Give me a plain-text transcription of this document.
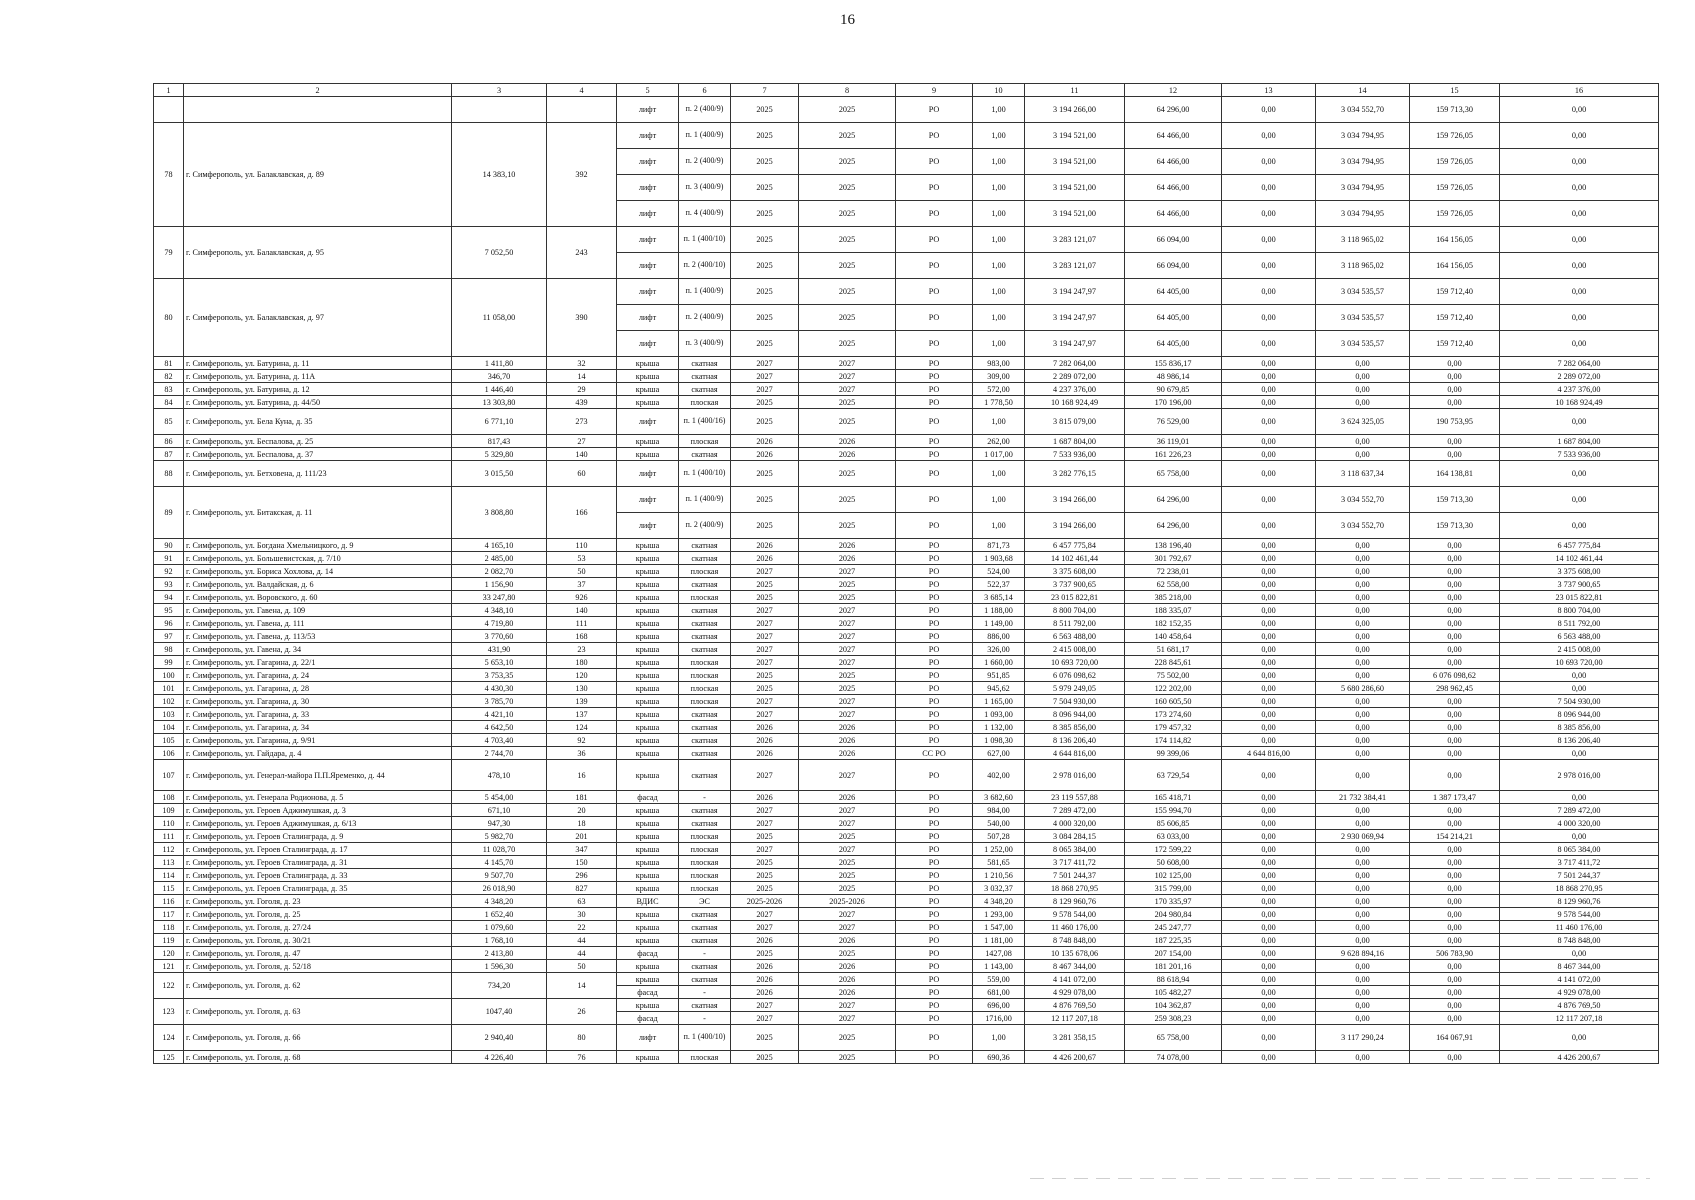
16
1	2	3	4	5	6	7	8	9	10	11	12	13	14	15	16
				лифт	п. 2 (400/9)	2025	2025	РО	1,00	3 194 266,00	64 296,00	0,00	3 034 552,70	159 713,30	0,00
78	г. Симферополь, ул. Балаклавская, д. 89	14 383,10	392	лифт	п. 1 (400/9)	2025	2025	РО	1,00	3 194 521,00	64 466,00	0,00	3 034 794,95	159 726,05	0,00
				лифт	п. 2 (400/9)	2025	2025	РО	1,00	3 194 521,00	64 466,00	0,00	3 034 794,95	159 726,05	0,00
				лифт	п. 3 (400/9)	2025	2025	РО	1,00	3 194 521,00	64 466,00	0,00	3 034 794,95	159 726,05	0,00
				лифт	п. 4 (400/9)	2025	2025	РО	1,00	3 194 521,00	64 466,00	0,00	3 034 794,95	159 726,05	0,00
79	г. Симферополь, ул. Балаклавская, д. 95	7 052,50	243	лифт	п. 1 (400/10)	2025	2025	РО	1,00	3 283 121,07	66 094,00	0,00	3 118 965,02	164 156,05	0,00
				лифт	п. 2 (400/10)	2025	2025	РО	1,00	3 283 121,07	66 094,00	0,00	3 118 965,02	164 156,05	0,00
80	г. Симферополь, ул. Балаклавская, д. 97	11 058,00	390	лифт	п. 1 (400/9)	2025	2025	РО	1,00	3 194 247,97	64 405,00	0,00	3 034 535,57	159 712,40	0,00
				лифт	п. 2 (400/9)	2025	2025	РО	1,00	3 194 247,97	64 405,00	0,00	3 034 535,57	159 712,40	0,00
				лифт	п. 3 (400/9)	2025	2025	РО	1,00	3 194 247,97	64 405,00	0,00	3 034 535,57	159 712,40	0,00
81	г. Симферополь, ул. Батурина, д. 11	1 411,80	32	крыша	скатная	2027	2027	РО	983,00	7 282 064,00	155 836,17	0,00	0,00	0,00	7 282 064,00
82	г. Симферополь, ул. Батурина, д. 11А	346,70	14	крыша	скатная	2027	2027	РО	309,00	2 289 072,00	48 986,14	0,00	0,00	0,00	2 289 072,00
83	г. Симферополь, ул. Батурина, д. 12	1 446,40	29	крыша	скатная	2027	2027	РО	572,00	4 237 376,00	90 679,85	0,00	0,00	0,00	4 237 376,00
84	г. Симферополь, ул. Батурина, д. 44/50	13 303,80	439	крыша	плоская	2025	2025	РО	1 778,50	10 168 924,49	170 196,00	0,00	0,00	0,00	10 168 924,49
85	г. Симферополь, ул. Бела Куна, д. 35	6 771,10	273	лифт	п. 1 (400/16)	2025	2025	РО	1,00	3 815 079,00	76 529,00	0,00	3 624 325,05	190 753,95	0,00
86	г. Симферополь, ул. Беспалова, д. 25	817,43	27	крыша	плоская	2026	2026	РО	262,00	1 687 804,00	36 119,01	0,00	0,00	0,00	1 687 804,00
87	г. Симферополь, ул. Беспалова, д. 37	5 329,80	140	крыша	скатная	2026	2026	РО	1 017,00	7 533 936,00	161 226,23	0,00	0,00	0,00	7 533 936,00
88	г. Симферополь, ул. Бетховена, д. 111/23	3 015,50	60	лифт	п. 1 (400/10)	2025	2025	РО	1,00	3 282 776,15	65 758,00	0,00	3 118 637,34	164 138,81	0,00
89	г. Симферополь, ул. Битакская, д. 11	3 808,80	166	лифт	п. 1 (400/9)	2025	2025	РО	1,00	3 194 266,00	64 296,00	0,00	3 034 552,70	159 713,30	0,00
				лифт	п. 2 (400/9)	2025	2025	РО	1,00	3 194 266,00	64 296,00	0,00	3 034 552,70	159 713,30	0,00
90	г. Симферополь, ул. Богдана Хмельницкого, д. 9	4 165,10	110	крыша	скатная	2026	2026	РО	871,73	6 457 775,84	138 196,40	0,00	0,00	0,00	6 457 775,84
91	г. Симферополь, ул. Большевистская, д. 7/10	2 485,00	53	крыша	скатная	2026	2026	РО	1 903,68	14 102 461,44	301 792,67	0,00	0,00	0,00	14 102 461,44
92	г. Симферополь, ул. Бориса Хохлова, д. 14	2 082,70	50	крыша	плоская	2027	2027	РО	524,00	3 375 608,00	72 238,01	0,00	0,00	0,00	3 375 608,00
93	г. Симферополь, ул. Валдайская, д. 6	1 156,90	37	крыша	скатная	2025	2025	РО	522,37	3 737 900,65	62 558,00	0,00	0,00	0,00	3 737 900,65
94	г. Симферополь, ул. Воровского, д. 60	33 247,80	926	крыша	плоская	2025	2025	РО	3 685,14	23 015 822,81	385 218,00	0,00	0,00	0,00	23 015 822,81
95	г. Симферополь, ул. Гавена, д. 109	4 348,10	140	крыша	скатная	2027	2027	РО	1 188,00	8 800 704,00	188 335,07	0,00	0,00	0,00	8 800 704,00
96	г. Симферополь, ул. Гавена, д. 111	4 719,80	111	крыша	скатная	2027	2027	РО	1 149,00	8 511 792,00	182 152,35	0,00	0,00	0,00	8 511 792,00
97	г. Симферополь, ул. Гавена, д. 113/53	3 770,60	168	крыша	скатная	2027	2027	РО	886,00	6 563 488,00	140 458,64	0,00	0,00	0,00	6 563 488,00
98	г. Симферополь, ул. Гавена, д. 34	431,90	23	крыша	скатная	2027	2027	РО	326,00	2 415 008,00	51 681,17	0,00	0,00	0,00	2 415 008,00
99	г. Симферополь, ул. Гагарина, д. 22/1	5 653,10	180	крыша	плоская	2027	2027	РО	1 660,00	10 693 720,00	228 845,61	0,00	0,00	0,00	10 693 720,00
100	г. Симферополь, ул. Гагарина, д. 24	3 753,35	120	крыша	плоская	2025	2025	РО	951,85	6 076 098,62	75 502,00	0,00	0,00	6 076 098,62	0,00
101	г. Симферополь, ул. Гагарина, д. 28	4 430,30	130	крыша	плоская	2025	2025	РО	945,62	5 979 249,05	122 202,00	0,00	5 680 286,60	298 962,45	0,00
102	г. Симферополь, ул. Гагарина, д. 30	3 785,70	139	крыша	плоская	2027	2027	РО	1 165,00	7 504 930,00	160 605,50	0,00	0,00	0,00	7 504 930,00
103	г. Симферополь, ул. Гагарина, д. 33	4 421,10	137	крыша	скатная	2027	2027	РО	1 093,00	8 096 944,00	173 274,60	0,00	0,00	0,00	8 096 944,00
104	г. Симферополь, ул. Гагарина, д. 34	4 642,50	124	крыша	скатная	2026	2026	РО	1 132,00	8 385 856,00	179 457,32	0,00	0,00	0,00	8 385 856,00
105	г. Симферополь, ул. Гагарина, д. 9/91	4 703,40	92	крыша	скатная	2026	2026	РО	1 098,30	8 136 206,40	174 114,82	0,00	0,00	0,00	8 136 206,40
106	г. Симферополь, ул. Гайдара, д. 4	2 744,70	36	крыша	скатная	2026	2026	СС РО	627,00	4 644 816,00	99 399,06	4 644 816,00	0,00	0,00	0,00
107	г. Симферополь, ул. Генерал-майора П.П.Яременко, д. 44	478,10	16	крыша	скатная	2027	2027	РО	402,00	2 978 016,00	63 729,54	0,00	0,00	0,00	2 978 016,00
108	г. Симферополь, ул. Генерала Родионова, д. 5	5 454,00	181	фасад	-	2026	2026	РО	3 682,60	23 119 557,88	165 418,71	0,00	21 732 384,41	1 387 173,47	0,00
109	г. Симферополь, ул. Героев Аджимушкая, д. 3	671,10	20	крыша	скатная	2027	2027	РО	984,00	7 289 472,00	155 994,70	0,00	0,00	0,00	7 289 472,00
110	г. Симферополь, ул. Героев Аджимушкая, д. 6/13	947,30	18	крыша	скатная	2027	2027	РО	540,00	4 000 320,00	85 606,85	0,00	0,00	0,00	4 000 320,00
111	г. Симферополь, ул. Героев Сталинграда, д. 9	5 982,70	201	крыша	плоская	2025	2025	РО	507,28	3 084 284,15	63 033,00	0,00	2 930 069,94	154 214,21	0,00
112	г. Симферополь, ул. Героев Сталинграда, д. 17	11 028,70	347	крыша	плоская	2027	2027	РО	1 252,00	8 065 384,00	172 599,22	0,00	0,00	0,00	8 065 384,00
113	г. Симферополь, ул. Героев Сталинграда, д. 31	4 145,70	150	крыша	плоская	2025	2025	РО	581,65	3 717 411,72	50 608,00	0,00	0,00	0,00	3 717 411,72
114	г. Симферополь, ул. Героев Сталинграда, д. 33	9 507,70	296	крыша	плоская	2025	2025	РО	1 210,56	7 501 244,37	102 125,00	0,00	0,00	0,00	7 501 244,37
115	г. Симферополь, ул. Героев Сталинграда, д. 35	26 018,90	827	крыша	плоская	2025	2025	РО	3 032,37	18 868 270,95	315 799,00	0,00	0,00	0,00	18 868 270,95
116	г. Симферополь, ул. Гоголя, д. 23	4 348,20	63	ВДИС	ЭС	2025-2026	2025-2026	РО	4 348,20	8 129 960,76	170 335,97	0,00	0,00	0,00	8 129 960,76
117	г. Симферополь, ул. Гоголя, д. 25	1 652,40	30	крыша	скатная	2027	2027	РО	1 293,00	9 578 544,00	204 980,84	0,00	0,00	0,00	9 578 544,00
118	г. Симферополь, ул. Гоголя, д. 27/24	1 079,60	22	крыша	скатная	2027	2027	РО	1 547,00	11 460 176,00	245 247,77	0,00	0,00	0,00	11 460 176,00
119	г. Симферополь, ул. Гоголя, д. 30/21	1 768,10	44	крыша	скатная	2026	2026	РО	1 181,00	8 748 848,00	187 225,35	0,00	0,00	0,00	8 748 848,00
120	г. Симферополь, ул. Гоголя, д. 47	2 413,80	44	фасад	-	2025	2025	РО	1427,08	10 135 678,06	207 154,00	0,00	9 628 894,16	506 783,90	0,00
121	г. Симферополь, ул. Гоголя, д. 52/18	1 596,30	50	крыша	скатная	2026	2026	РО	1 143,00	8 467 344,00	181 201,16	0,00	0,00	0,00	8 467 344,00
122	г. Симферополь, ул. Гоголя, д. 62	734,20	14	крыша	скатная	2026	2026	РО	559,00	4 141 072,00	88 618,94	0,00	0,00	0,00	4 141 072,00
				фасад	-	2026	2026	РО	681,00	4 929 078,00	105 482,27	0,00	0,00	0,00	4 929 078,00
123	г. Симферополь, ул. Гоголя, д. 63	1047,40	26	крыша	скатная	2027	2027	РО	696,00	4 876 769,50	104 362,87	0,00	0,00	0,00	4 876 769,50
				фасад	-	2027	2027	РО	1716,00	12 117 207,18	259 308,23	0,00	0,00	0,00	12 117 207,18
124	г. Симферополь, ул. Гоголя, д. 66	2 940,40	80	лифт	п. 1 (400/10)	2025	2025	РО	1,00	3 281 358,15	65 758,00	0,00	3 117 290,24	164 067,91	0,00
125	г. Симферополь, ул. Гоголя, д. 68	4 226,40	76	крыша	плоская	2025	2025	РО	690,36	4 426 200,67	74 078,00	0,00	0,00	0,00	4 426 200,67
